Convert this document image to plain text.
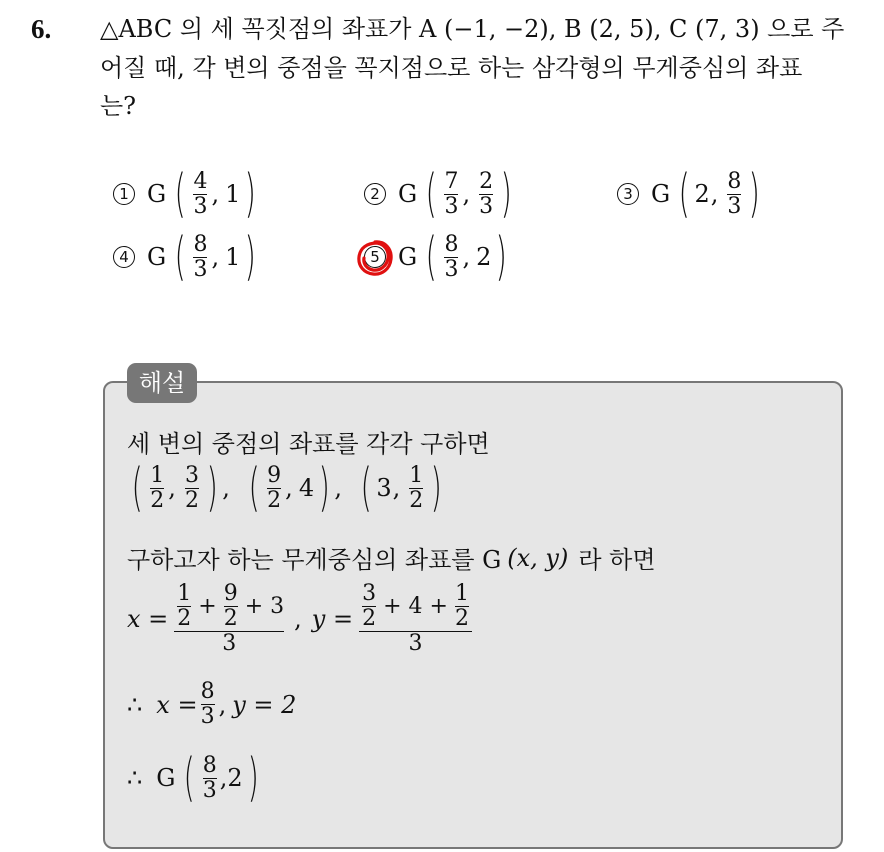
6. △ABC 의 세 꼭짓점의 좌표가 A (−1, −2), B (2, 5), C (7, 3) 으로 주
어질 때, 각 변의 중점을 꼭지점으로 하는 삼각형의 무게중심의 좌표
는?
1 G ( $\frac{4}{3}$ , 1 )	2 G ( $\frac{7}{3}$ , $\frac{2}{3}$ )	3 G ( 2 , $\frac{8}{3}$ )
4 G ( $\frac{8}{3}$ , 1 )	5 G ( $\frac{8}{3}$ , 2 )
해설
세 변의 중점의 좌표를 각각 구하면
( $\frac{1}{2}$ , $\frac{3}{2}$ ) , ( $\frac{9}{2}$ , 4 ) , ( 3 , $\frac{1}{2}$ )
구하고자 하는 무게중심의 좌표를 G (x, y) 라 하면
$x = \frac{1}{2} + \frac{9}{2} + 3$
3
, $y = \frac{3}{2} + 4 + \frac{1}{2}$
3
∴ $x = \frac{8}{3}$ , y = 2
∴ G ( $\frac{8}{3}$ , 2 )
